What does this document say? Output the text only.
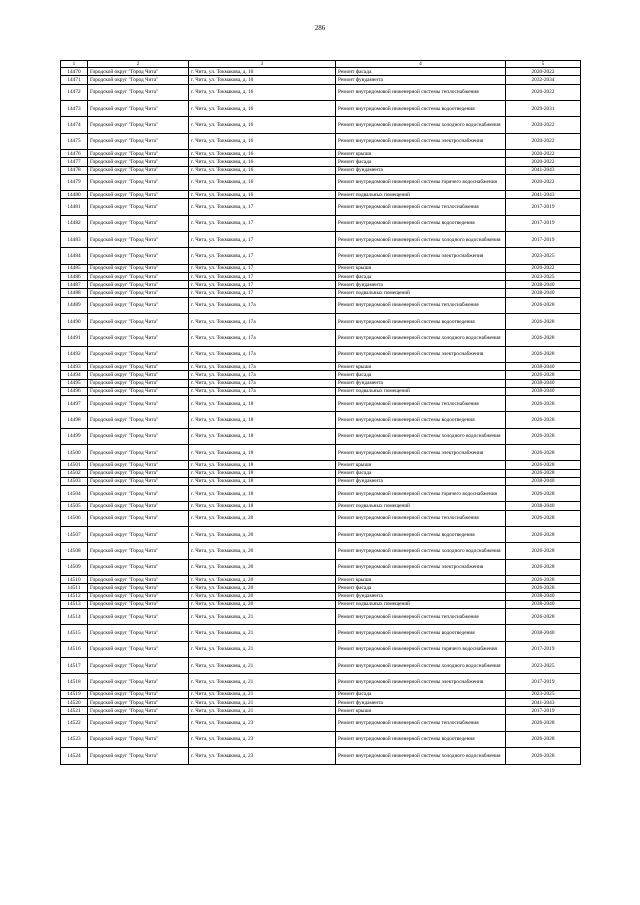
286
1	2	3	4	5
14470	Городской округ "Город Чита"	г. Чита, ул. Токмакова, д. 10	Ремонт фасада	2020-2022
14471	Городской округ "Город Чита"	г. Чита, ул. Токмакова, д. 10	Ремонт фундамента	2032-2034
14472	Городской округ "Город Чита"	г. Чита, ул. Токмакова, д. 16	Ремонт внутридомовой инженерной системы теплоснабжения	2020-2022
14473	Городской округ "Город Чита"	г. Чита, ул. Токмакова, д. 16	Ремонт внутридомовой инженерной системы водоотведения	2029-2031
14474	Городской округ "Город Чита"	г. Чита, ул. Токмакова, д. 16	Ремонт внутридомовой инженерной системы холодного водоснабжения	2020-2022
14475	Городской округ "Город Чита"	г. Чита, ул. Токмакова, д. 16	Ремонт внутридомовой инженерной системы электроснабжения	2020-2022
14476	Городской округ "Город Чита"	г. Чита, ул. Токмакова, д. 16	Ремонт крыши	2020-2022
14477	Городской округ "Город Чита"	г. Чита, ул. Токмакова, д. 16	Ремонт фасада	2020-2022
14478	Городской округ "Город Чита"	г. Чита, ул. Токмакова, д. 16	Ремонт фундамента	2041-2043
14479	Городской округ "Город Чита"	г. Чита, ул. Токмакова, д. 16	Ремонт внутридомовой инженерной системы горячего водоснабжения	2020-2022
14480	Городской округ "Город Чита"	г. Чита, ул. Токмакова, д. 16	Ремонт подвальных помещений	2041-2043
14481	Городской округ "Город Чита"	г. Чита, ул. Токмакова, д. 17	Ремонт внутридомовой инженерной системы теплоснабжения	2017-2019
14482	Городской округ "Город Чита"	г. Чита, ул. Токмакова, д. 17	Ремонт внутридомовой инженерной системы водоотведения	2017-2019
14483	Городской округ "Город Чита"	г. Чита, ул. Токмакова, д. 17	Ремонт внутридомовой инженерной системы холодного водоснабжения	2017-2019
14484	Городской округ "Город Чита"	г. Чита, ул. Токмакова, д. 17	Ремонт внутридомовой инженерной системы электроснабжения	2023-2025
14485	Городской округ "Город Чита"	г. Чита, ул. Токмакова, д. 17	Ремонт крыши	2020-2022
14486	Городской округ "Город Чита"	г. Чита, ул. Токмакова, д. 17	Ремонт фасада	2023-2025
14487	Городской округ "Город Чита"	г. Чита, ул. Токмакова, д. 17	Ремонт фундамента	2038-2040
14488	Городской округ "Город Чита"	г. Чита, ул. Токмакова, д. 17	Ремонт подвальных помещений	2038-2040
14489	Городской округ "Город Чита"	г. Чита, ул. Токмакова, д. 17а	Ремонт внутридомовой инженерной системы теплоснабжения	2026-2028
14490	Городской округ "Город Чита"	г. Чита, ул. Токмакова, д. 17а	Ремонт внутридомовой инженерной системы водоотведения	2026-2028
14491	Городской округ "Город Чита"	г. Чита, ул. Токмакова, д. 17а	Ремонт внутридомовой инженерной системы холодного водоснабжения	2026-2028
14492	Городской округ "Город Чита"	г. Чита, ул. Токмакова, д. 17а	Ремонт внутридомовой инженерной системы электроснабжения	2026-2028
14493	Городской округ "Город Чита"	г. Чита, ул. Токмакова, д. 17а	Ремонт крыши	2038-2040
14494	Городской округ "Город Чита"	г. Чита, ул. Токмакова, д. 17а	Ремонт фасада	2026-2028
14495	Городской округ "Город Чита"	г. Чита, ул. Токмакова, д. 17а	Ремонт фундамента	2038-2040
14496	Городской округ "Город Чита"	г. Чита, ул. Токмакова, д. 17а	Ремонт подвальных помещений	2038-2040
14497	Городской округ "Город Чита"	г. Чита, ул. Токмакова, д. 18	Ремонт внутридомовой инженерной системы теплоснабжения	2026-2028
14498	Городской округ "Город Чита"	г. Чита, ул. Токмакова, д. 18	Ремонт внутридомовой инженерной системы водоотведения	2026-2028
14499	Городской округ "Город Чита"	г. Чита, ул. Токмакова, д. 18	Ремонт внутридомовой инженерной системы холодного водоснабжения	2026-2028
14500	Городской округ "Город Чита"	г. Чита, ул. Токмакова, д. 18	Ремонт внутридомовой инженерной системы электроснабжения	2026-2028
14501	Городской округ "Город Чита"	г. Чита, ул. Токмакова, д. 18	Ремонт крыши	2026-2028
14502	Городской округ "Город Чита"	г. Чита, ул. Токмакова, д. 18	Ремонт фасада	2026-2028
14503	Городской округ "Город Чита"	г. Чита, ул. Токмакова, д. 18	Ремонт фундамента	2038-2040
14504	Городской округ "Город Чита"	г. Чита, ул. Токмакова, д. 18	Ремонт внутридомовой инженерной системы горячего водоснабжения	2026-2028
14505	Городской округ "Город Чита"	г. Чита, ул. Токмакова, д. 18	Ремонт подвальных помещений	2038-2040
14506	Городской округ "Город Чита"	г. Чита, ул. Токмакова, д. 20	Ремонт внутридомовой инженерной системы теплоснабжения	2026-2028
14507	Городской округ "Город Чита"	г. Чита, ул. Токмакова, д. 20	Ремонт внутридомовой инженерной системы водоотведения	2026-2028
14508	Городской округ "Город Чита"	г. Чита, ул. Токмакова, д. 20	Ремонт внутридомовой инженерной системы холодного водоснабжения	2026-2028
14509	Городской округ "Город Чита"	г. Чита, ул. Токмакова, д. 20	Ремонт внутридомовой инженерной системы электроснабжения	2026-2028
14510	Городской округ "Город Чита"	г. Чита, ул. Токмакова, д. 20	Ремонт крыши	2026-2028
14511	Городской округ "Город Чита"	г. Чита, ул. Токмакова, д. 20	Ремонт фасада	2026-2028
14512	Городской округ "Город Чита"	г. Чита, ул. Токмакова, д. 20	Ремонт фундамента	2038-2040
14513	Городской округ "Город Чита"	г. Чита, ул. Токмакова, д. 20	Ремонт подвальных помещений	2038-2040
14514	Городской округ "Город Чита"	г. Чита, ул. Токмакова, д. 21	Ремонт внутридомовой инженерной системы теплоснабжения	2026-2028
14515	Городской округ "Город Чита"	г. Чита, ул. Токмакова, д. 21	Ремонт внутридомовой инженерной системы водоотведения	2038-2040
14516	Городской округ "Город Чита"	г. Чита, ул. Токмакова, д. 21	Ремонт внутридомовой инженерной системы горячего водоснабжения	2017-2019
14517	Городской округ "Город Чита"	г. Чита, ул. Токмакова, д. 21	Ремонт внутридомовой инженерной системы холодного водоснабжения	2023-2025
14518	Городской округ "Город Чита"	г. Чита, ул. Токмакова, д. 21	Ремонт внутридомовой инженерной системы электроснабжения	2017-2019
14519	Городской округ "Город Чита"	г. Чита, ул. Токмакова, д. 21	Ремонт фасада	2023-2025
14520	Городской округ "Город Чита"	г. Чита, ул. Токмакова, д. 21	Ремонт фундамента	2041-2043
14521	Городской округ "Город Чита"	г. Чита, ул. Токмакова, д. 21	Ремонт крыши	2017-2019
14522	Городской округ "Город Чита"	г. Чита, ул. Токмакова, д. 23	Ремонт внутридомовой инженерной системы теплоснабжения	2026-2028
14523	Городской округ "Город Чита"	г. Чита, ул. Токмакова, д. 23	Ремонт внутридомовой инженерной системы водоотведения	2026-2028
14524	Городской округ "Город Чита"	г. Чита, ул. Токмакова, д. 23	Ремонт внутридомовой инженерной системы холодного водоснабжения	2026-2028
